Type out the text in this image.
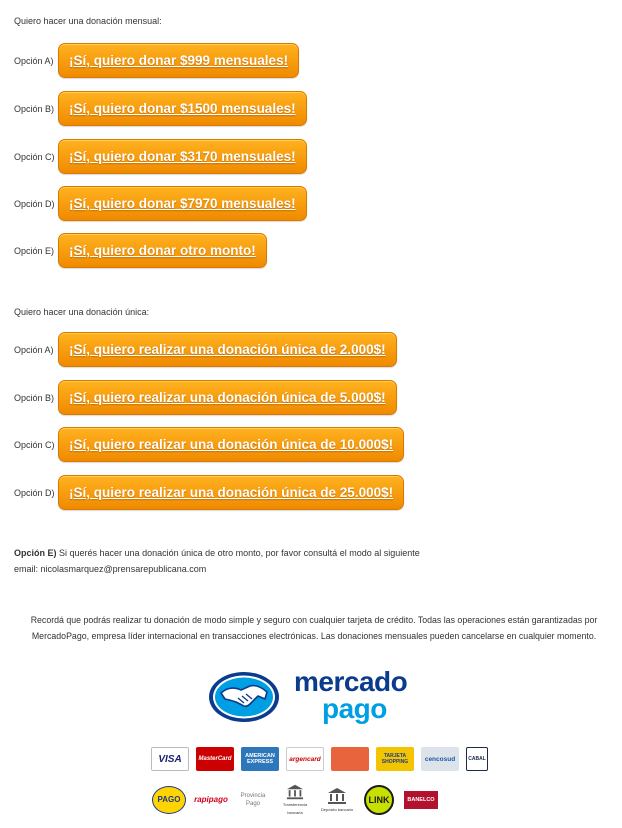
Quiero hacer una donación mensual:
Opción A)	¡Sí, quiero donar $999 mensuales!
Opción B)	¡Sí, quiero donar $1500 mensuales!
Opción C)	¡Sí, quiero donar $3170 mensuales!
Opción D)	¡Sí, quiero donar $7970 mensuales!
Opción E)	¡Sí, quiero donar otro monto!
Quiero hacer una donación única:
Opción A)	¡Sí, quiero realizar una donación única de 2.000$!
Opción B)	¡Sí, quiero realizar una donación única de 5.000$!
Opción C)	¡Sí, quiero realizar una donación única de 10.000$!
Opción D)	¡Sí, quiero realizar una donación única de 25.000$!
Opción E) Si querés hacer una donación única de otro monto, por favor consultá el modo al siguiente
email: nicolasmarquez@prensarepublicana.com
Recordá que podrás realizar tu donación de modo simple y seguro con cualquier tarjeta de crédito. Todas las operaciones están garantizadas por
MercadoPago, empresa líder internacional en transacciones electrónicas. Las donaciones mensuales pueden cancelarse en cualquier momento.
mercado
pago
VISA	MasterCard	AMERICAN EXPRESS	argencard	TARJETA SHOPPING	cencosud	CABAL
PAGO	rapipago	Provincia Pago	Transferencia bancaria
Depósito bancario
LINK	BANELCO
